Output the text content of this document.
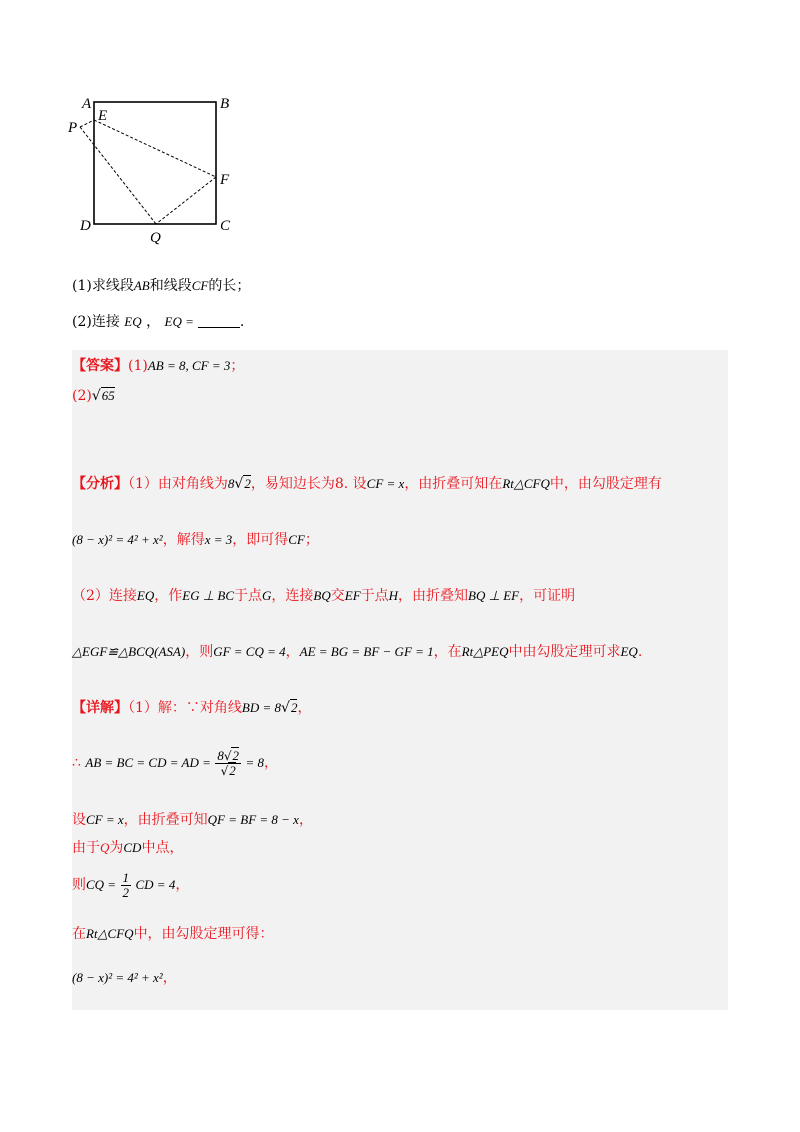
A
E
P
B
F
D	C
Q
(1)求线段AB和线段CF的长；
(2)连接 EQ ， EQ =	.
【答案】(1)AB = 8, CF = 3；
(2)√65
【分析】（1）由对角线为8√2，易知边长为8. 设CF = x，由折叠可知在Rt△CFQ中，由勾股定理有
(8 − x)² = 4² + x²，解得x = 3，即可得CF；
（2）连接EQ，作EG ⊥ BC于点G，连接BQ交EF于点H，由折叠知BQ ⊥ EF，可证明
△EGF≌△BCQ(ASA)，则GF = CQ = 4，AE = BG = BF − GF = 1，在Rt△PEQ中由勾股定理可求EQ.
【详解】（1）解：∵对角线BD = 8√2，
∴ AB = BC = CD = AD = $\frac{8√2}{√2} = 8$，
设CF = x，由折叠可知QF = BF = 8 − x，
由于Q为CD中点，
则CQ = $\frac{1}{2}$ CD = 4，
在Rt△CFQ中，由勾股定理可得：
(8 − x)² = 4² + x²，
